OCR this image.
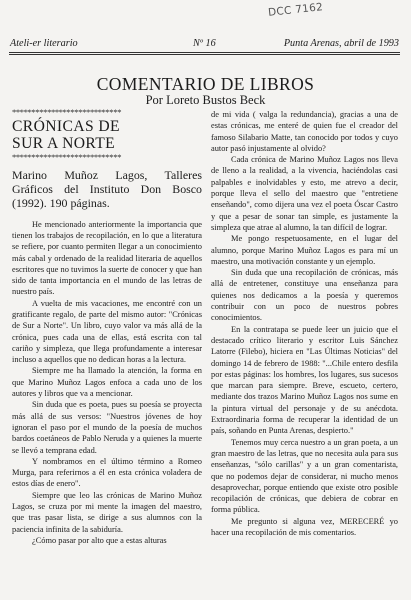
DCC 7162
Ateli-er literario	Nº 16	Punta Arenas, abril de 1993
COMENTARIO DE LIBROS
Por Loreto Bustos Beck
****************************
CRÓNICAS DE
SUR A NORTE
****************************
Marino Muñoz Lagos, Talleres Gráficos del Instituto Don Bosco (1992). 190 páginas.

He mencionado anteriormente la importancia que tienen los trabajos de recopilación, en lo que a literatura se refiere, por cuanto permiten llegar a un conocimiento más cabal y ordenado de la realidad literaria de aquellos escritores que no tuvimos la suerte de conocer y que han sido de tanta importancia en el mundo de las letras de nuestro país.

A vuelta de mis vacaciones, me encontré con un gratificante regalo, de parte del mismo autor: "Crónicas de Sur a Norte". Un libro, cuyo valor va más allá de la crónica, pues cada una de ellas, está escrita con tal cariño y simpleza, que llega profundamente a interesar incluso a aquellos que no dedican horas a la lectura.

Siempre me ha llamado la atención, la forma en que Marino Muñoz Lagos enfoca a cada uno de los autores y libros que va a mencionar.

Sin duda que es poeta, pues su poesía se proyecta más allá de sus versos: "Nuestros jóvenes de hoy ignoran el paso por el mundo de la poesía de muchos bardos coetáneos de Pablo Neruda y a quienes la muerte se llevó a temprana edad.

Y nombramos en el último término a Romeo Murga, para referirnos a él en esta crónica voladera de estos días de enero".

Siempre que leo las crónicas de Marino Muñoz Lagos, se cruza por mi mente la imagen del maestro, que tras pasar lista, se dirige a sus alumnos con la paciencia infinita de la sabiduría.

¿Cómo pasar por alto que a estas alturas

de mi vida ( valga la redundancia), gracias a una de estas crónicas, me enteré de quien fue el creador del famoso Silabario Matte, tan conocido por todos y cuyo autor pasó injustamente al olvido?

Cada crónica de Marino Muñoz Lagos nos lleva de lleno a la realidad, a la vivencia, haciéndolas casi palpables e inolvidables y esto, me atrevo a decir, porque lleva el sello del maestro que "entretiene enseñando", como dijera una vez el poeta Óscar Castro y que a pesar de sonar tan simple, es justamente la simpleza que atrae al alumno, la tan difícil de lograr.

Me pongo respetuosamente, en el lugar del alumno, porque Marino Muñoz Lagos es para mí un maestro, una motivación constante y un ejemplo.

Sin duda que una recopilación de crónicas, más allá de entretener, constituye una enseñanza para quienes nos dedicamos a la poesía y queremos contribuir con un poco de nuestros pobres conocimientos.

En la contratapa se puede leer un juicio que el destacado crítico literario y escritor Luis Sánchez Latorre (Filebo), hiciera en "Las Últimas Noticias" del domingo 14 de febrero de 1988: "...Chile entero desfila por estas páginas: los hombres, los lugares, sus sucesos que marcan para siempre. Breve, escueto, certero, mediante dos trazos Marino Muñoz Lagos nos sume en la pintura virtual del personaje y de su anécdota. Extraordinaria forma de recuperar la identidad de un país, soñando en Punta Arenas, despierto."

Tenemos muy cerca nuestro a un gran poeta, a un gran maestro de las letras, que no necesita aula para sus enseñanzas, "sólo carillas" y a un gran comentarista, que no podemos dejar de considerar, ni mucho menos desaprovechar, porque entiendo que existe otro posible recopilación de crónicas, que debiera de cobrar en forma pública.

Me pregunto si alguna vez, MERECERÉ yo hacer una recopilación de mis comentarios.
